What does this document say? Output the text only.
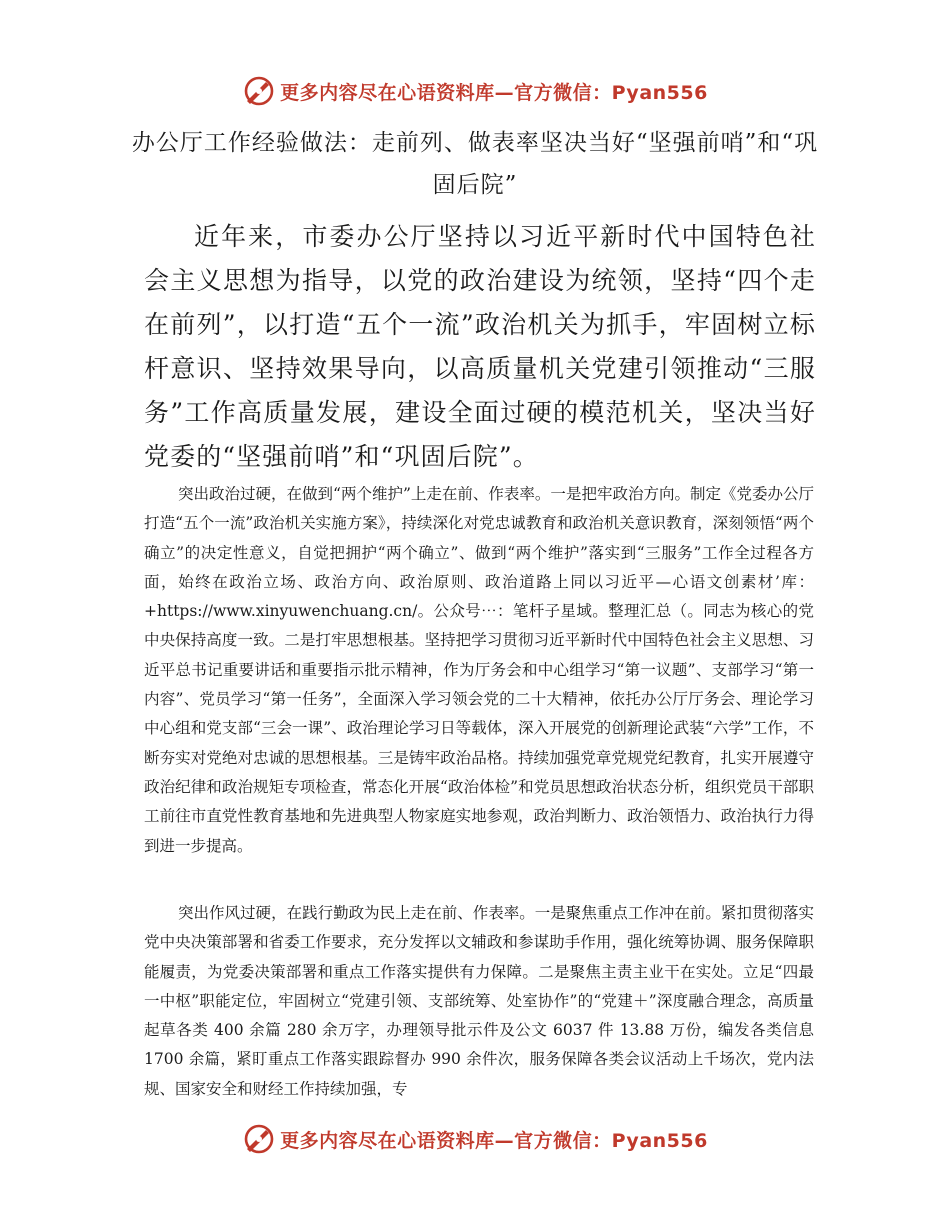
更多内容尽在心语资料库—官方微信：Pyan556
办公厅工作经验做法：走前列、做表率坚决当好“坚强前哨”和“巩固后院”

近年来，市委办公厅坚持以习近平新时代中国特色社会主义思想为指导，以党的政治建设为统领，坚持“四个走在前列”，以打造“五个一流”政治机关为抓手，牢固树立标杆意识、坚持效果导向，以高质量机关党建引领推动“三服务”工作高质量发展，建设全面过硬的模范机关，坚决当好党委的“坚强前哨”和“巩固后院”。

突出政治过硬，在做到“两个维护”上走在前、作表率。一是把牢政治方向。制定《党委办公厅打造“五个一流”政治机关实施方案》，持续深化对党忠诚教育和政治机关意识教育，深刻领悟“两个确立”的决定性意义，自觉把拥护“两个确立”、做到“两个维护”落实到“三服务”工作全过程各方面，始终在政治立场、政治方向、政治原则、政治道路上同以习近平—心语文创素材’库：+https://www.xinyuwenchuang.cn/。公众号⋯：笔杆子星域。整理汇总（。同志为核心的党中央保持高度一致。二是打牢思想根基。坚持把学习贯彻习近平新时代中国特色社会主义思想、习近平总书记重要讲话和重要指示批示精神，作为厅务会和中心组学习“第一议题”、支部学习“第一内容”、党员学习“第一任务”，全面深入学习领会党的二十大精神，依托办公厅厅务会、理论学习中心组和党支部“三会一课”、政治理论学习日等载体，深入开展党的创新理论武装“六学”工作，不断夯实对党绝对忠诚的思想根基。三是铸牢政治品格。持续加强党章党规党纪教育，扎实开展遵守政治纪律和政治规矩专项检查，常态化开展“政治体检”和党员思想政治状态分析，组织党员干部职工前往市直党性教育基地和先进典型人物家庭实地参观，政治判断力、政治领悟力、政治执行力得到进一步提高。

突出作风过硬，在践行勤政为民上走在前、作表率。一是聚焦重点工作冲在前。紧扣贯彻落实党中央决策部署和省委工作要求，充分发挥以文辅政和参谋助手作用，强化统筹协调、服务保障职能履责，为党委决策部署和重点工作落实提供有力保障。二是聚焦主责主业干在实处。立足“四最一中枢”职能定位，牢固树立“党建引领、支部统筹、处室协作”的“党建＋”深度融合理念，高质量起草各类 400 余篇 280 余万字，办理领导批示件及公文 6037 件 13.88 万份，编发各类信息 1700 余篇，紧盯重点工作落实跟踪督办 990 余件次，服务保障各类会议活动上千场次，党内法规、国家安全和财经工作持续加强，专

更多内容尽在心语资料库—官方微信：Pyan556
